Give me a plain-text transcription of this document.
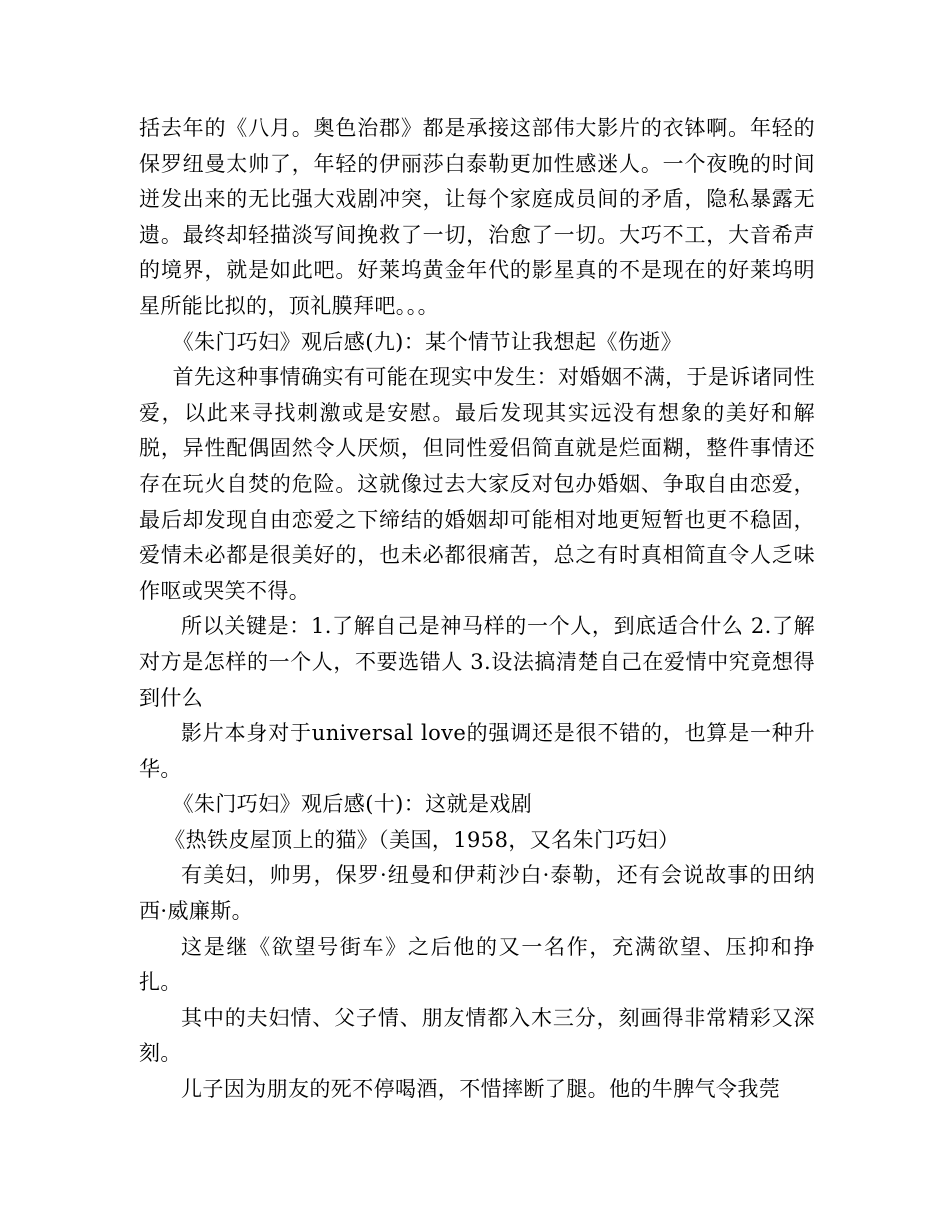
括去年的《八月。奥色治郡》都是承接这部伟大影片的衣钵啊。年轻的保罗纽曼太帅了，年轻的伊丽莎白泰勒更加性感迷人。一个夜晚的时间迸发出来的无比强大戏剧冲突，让每个家庭成员间的矛盾，隐私暴露无遗。最终却轻描淡写间挽救了一切，治愈了一切。大巧不工，大音希声的境界，就是如此吧。好莱坞黄金年代的影星真的不是现在的好莱坞明星所能比拟的，顶礼膜拜吧。。。

《朱门巧妇》观后感(九)：某个情节让我想起《伤逝》

首先这种事情确实有可能在现实中发生：对婚姻不满，于是诉诸同性爱，以此来寻找刺激或是安慰。最后发现其实远没有想象的美好和解脱，异性配偶固然令人厌烦，但同性爱侣简直就是烂面糊，整件事情还存在玩火自焚的危险。这就像过去大家反对包办婚姻、争取自由恋爱，最后却发现自由恋爱之下缔结的婚姻却可能相对地更短暂也更不稳固，爱情未必都是很美好的，也未必都很痛苦，总之有时真相简直令人乏味作呕或哭笑不得。

所以关键是：1.了解自己是神马样的一个人，到底适合什么 2.了解对方是怎样的一个人，不要选错人 3.设法搞清楚自己在爱情中究竟想得到什么

影片本身对于universal love的强调还是很不错的，也算是一种升华。

《朱门巧妇》观后感(十)：这就是戏剧

《热铁皮屋顶上的猫》（美国，1958，又名朱门巧妇）

有美妇，帅男，保罗·纽曼和伊莉沙白·泰勒，还有会说故事的田纳西·威廉斯。

这是继《欲望号街车》之后他的又一名作，充满欲望、压抑和挣扎。

其中的夫妇情、父子情、朋友情都入木三分，刻画得非常精彩又深刻。

儿子因为朋友的死不停喝酒，不惜摔断了腿。他的牛脾气令我莞
